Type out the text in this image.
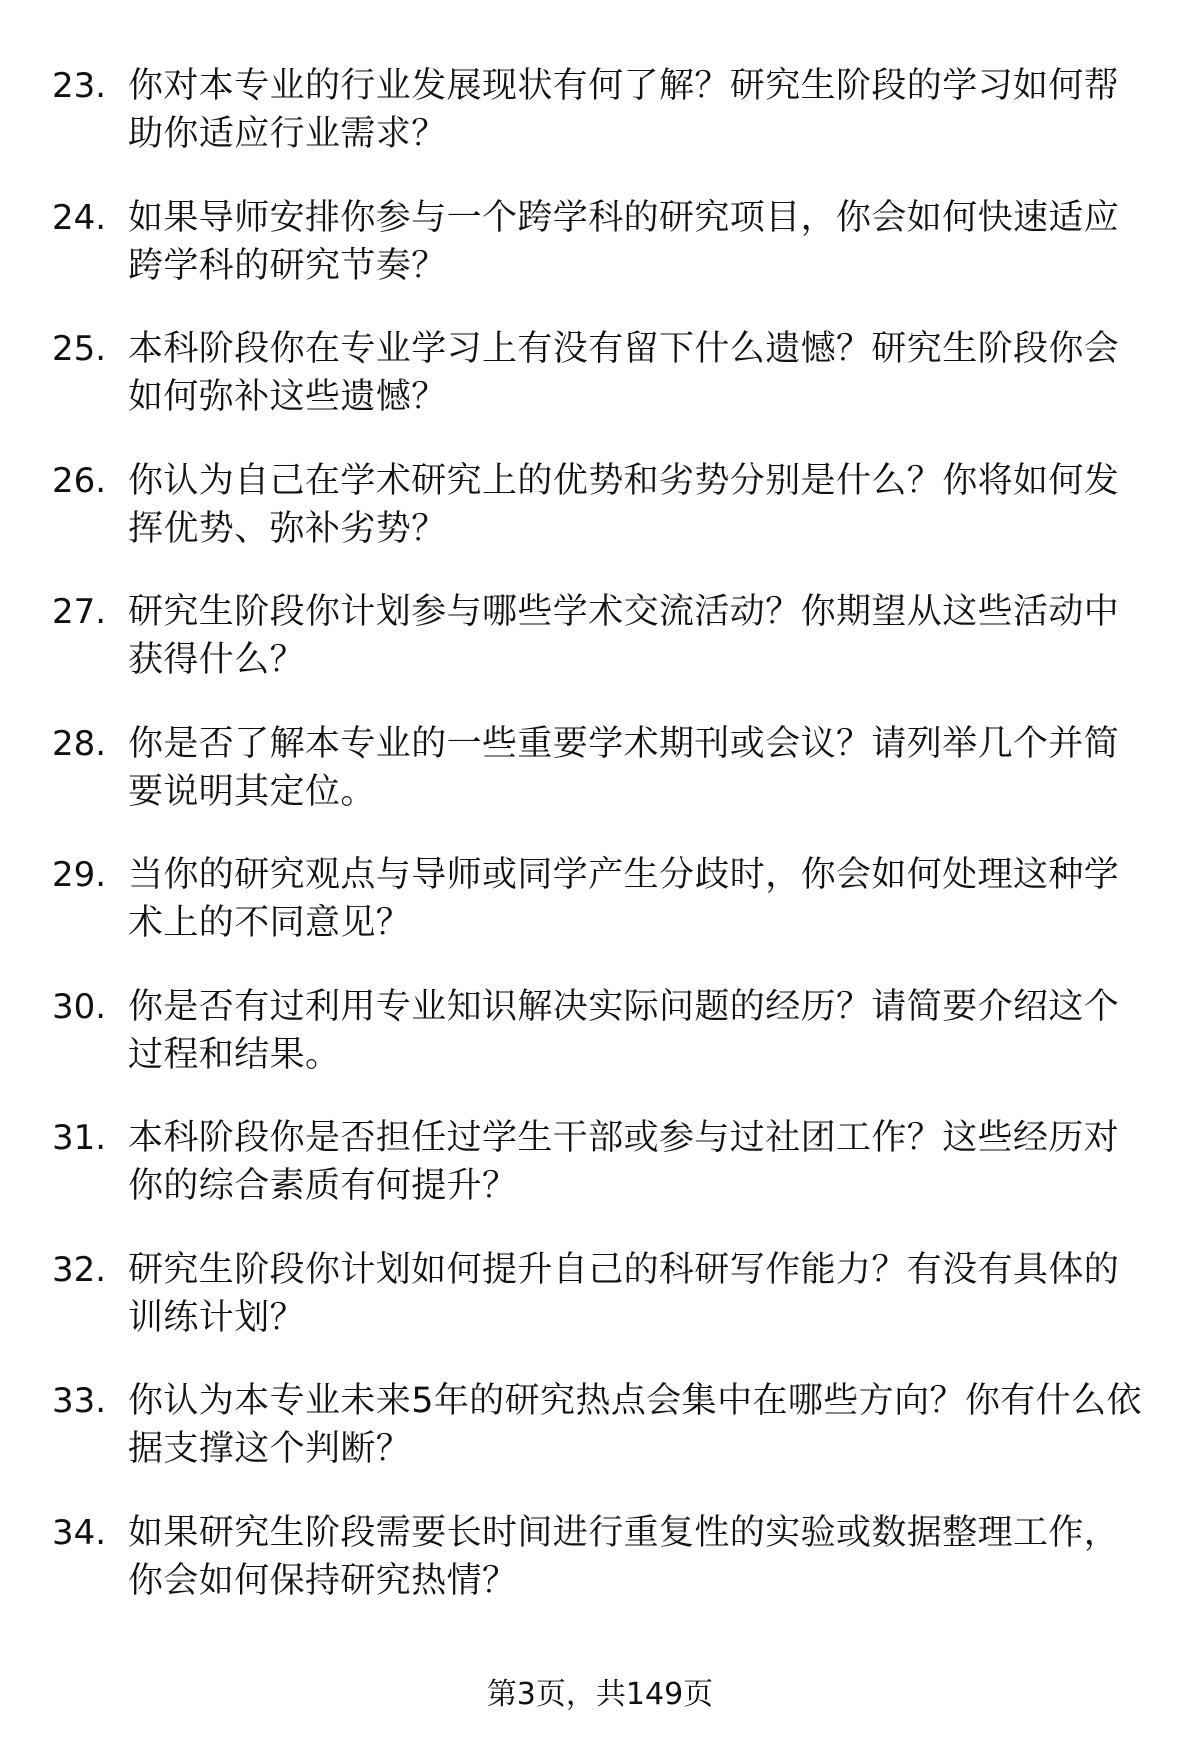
23. 你对本专业的行业发展现状有何了解？研究生阶段的学习如何帮
助你适应行业需求？
24. 如果导师安排你参与一个跨学科的研究项目，你会如何快速适应
跨学科的研究节奏？
25. 本科阶段你在专业学习上有没有留下什么遗憾？研究生阶段你会
如何弥补这些遗憾？
26. 你认为自己在学术研究上的优势和劣势分别是什么？你将如何发
挥优势、弥补劣势？
27. 研究生阶段你计划参与哪些学术交流活动？你期望从这些活动中
获得什么？
28. 你是否了解本专业的一些重要学术期刊或会议？请列举几个并简
要说明其定位。
29. 当你的研究观点与导师或同学产生分歧时，你会如何处理这种学
术上的不同意见？
30. 你是否有过利用专业知识解决实际问题的经历？请简要介绍这个
过程和结果。
31. 本科阶段你是否担任过学生干部或参与过社团工作？这些经历对
你的综合素质有何提升？
32. 研究生阶段你计划如何提升自己的科研写作能力？有没有具体的
训练计划？
33. 你认为本专业未来5年的研究热点会集中在哪些方向？你有什么依
据支撑这个判断？
34. 如果研究生阶段需要长时间进行重复性的实验或数据整理工作，
你会如何保持研究热情？
第3页，共149页
